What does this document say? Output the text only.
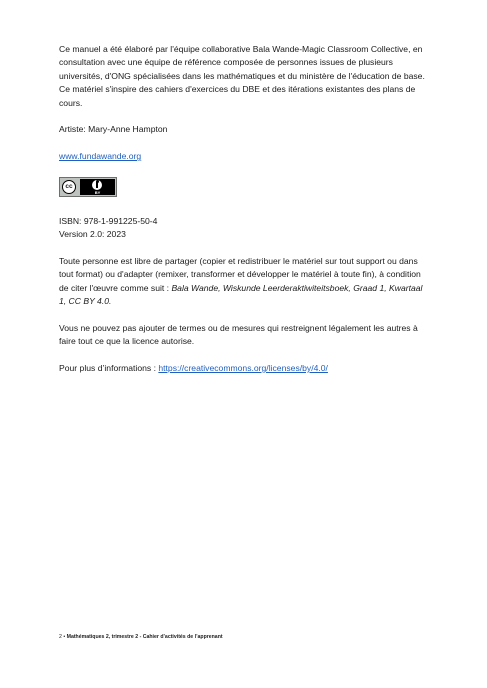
Ce manuel a été élaboré par l'équipe collaborative Bala Wande-Magic Classroom Collective, en consultation avec une équipe de référence composée de personnes issues de plusieurs universités, d'ONG spécialisées dans les mathématiques et du ministère de l'éducation de base. Ce matériel s'inspire des cahiers d'exercices du DBE et des itérations existantes des plans de cours.

Artiste: Mary-Anne Hampton

www.fundawande.org

cc
BY

ISBN: 978-1-991225-50-4

Version 2.0: 2023

Toute personne est libre de partager (copier et redistribuer le matériel sur tout support ou dans tout format) ou d'adapter (remixer, transformer et développer le matériel à toute fin), à condition de citer l'œuvre comme suit : Bala Wande, Wiskunde Leerderaktiwiteitsboek, Graad 1, Kwartaal 1, CC BY 4.0.

Vous ne pouvez pas ajouter de termes ou de mesures qui restreignent légalement les autres à faire tout ce que la licence autorise.

Pour plus d’informations : https://creativecommons.org/licenses/by/4.0/

2 • Mathématiques 2, trimestre 2 - Cahier d’activités de l’apprenant
